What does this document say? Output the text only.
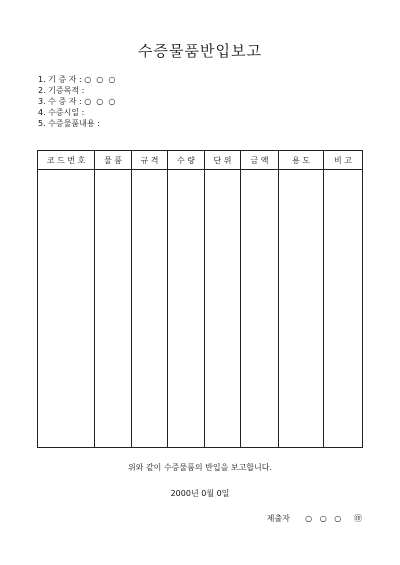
수증물품반입보고
1. 기 증 자 : ○  ○  ○
2. 기증목적 :
3. 수 증 자 : ○  ○  ○
4. 수증시일 :
5. 수증물품내용 :
코 드 번 호	물 품	규 격	수 량	단 위	금 액	용 도	비 고

위와 같이 수증물품의 반입을 보고합니다.
2000년 0월 0일
제출자      ○   ○   ○     ㊞
